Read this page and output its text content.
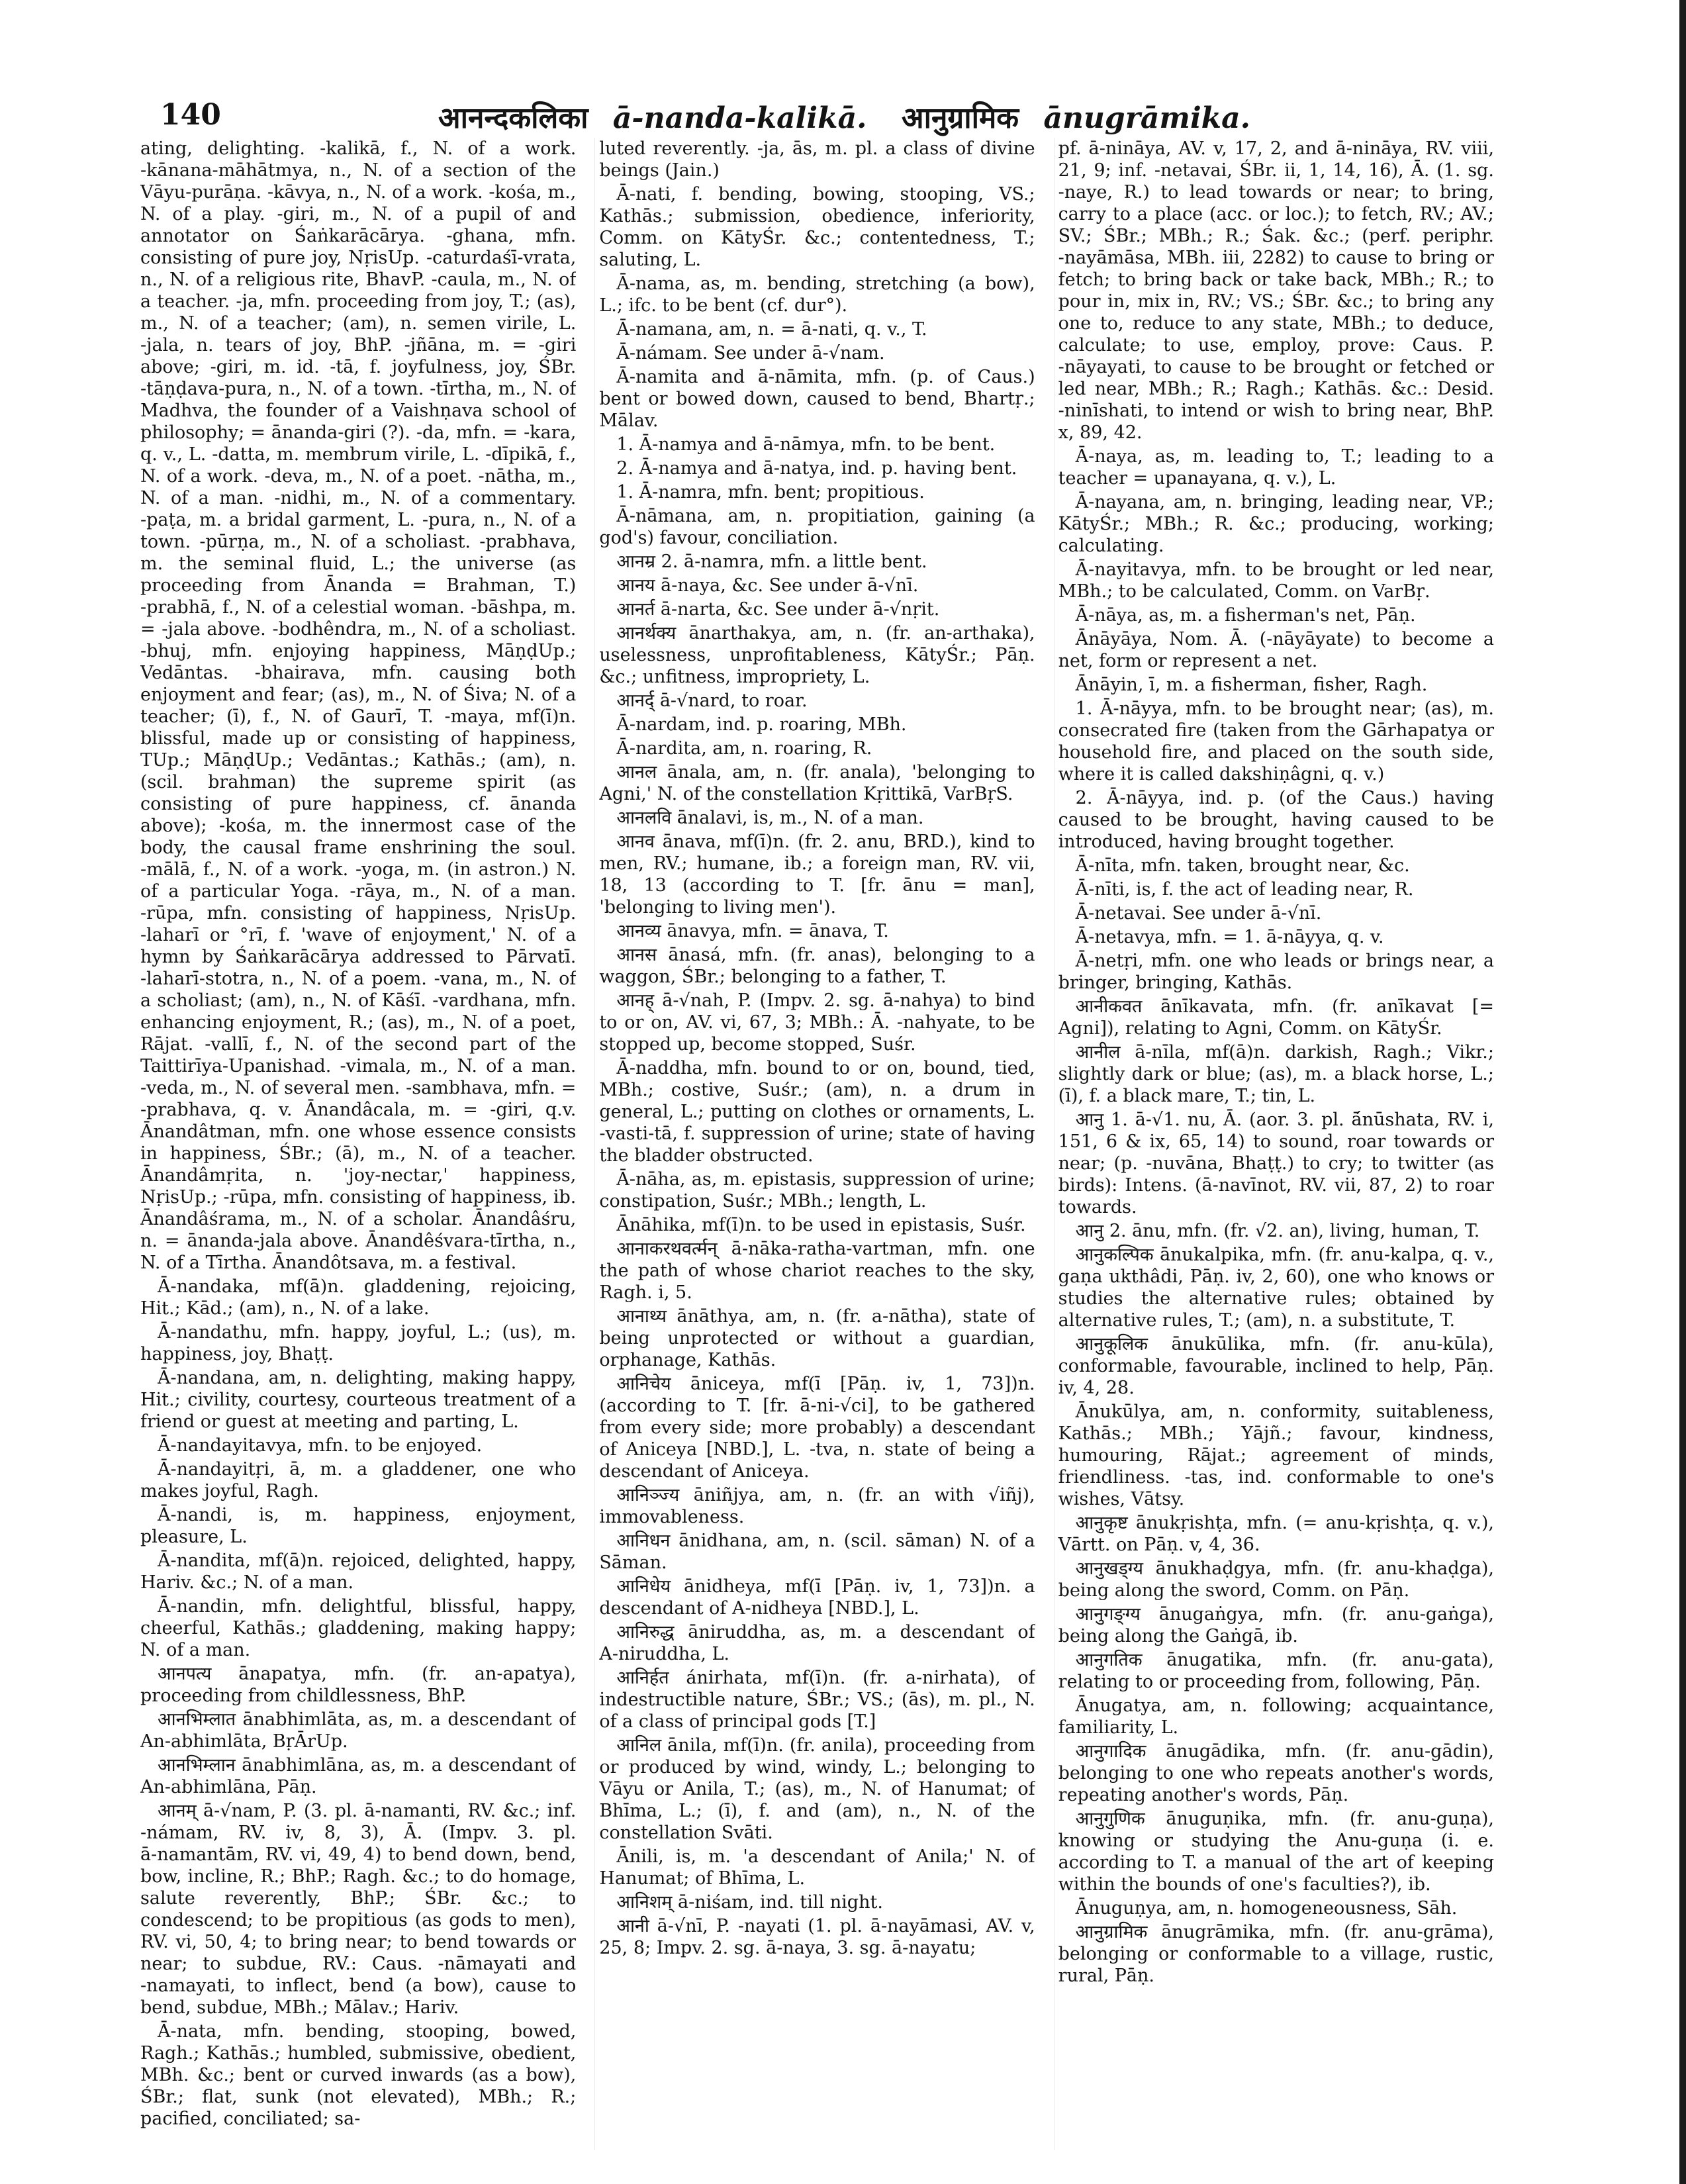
140	आनन्दकलिका ā-nanda-kalikā. आनुग्रामिक ānugrāmika.

ating, delighting. ‑kalikā, f., N. of a work. ‑kānana‑māhātmya, n., N. of a section of the Vāyu‑purāṇa. ‑kāvya, n., N. of a work. ‑kośa, m., N. of a play. ‑giri, m., N. of a pupil of and annotator on Śaṅkarācārya. ‑ghana, mfn. consisting of pure joy, NṛisUp. ‑caturdaśī‑vrata, n., N. of a religious rite, BhavP. ‑caula, m., N. of a teacher. ‑ja, mfn. proceeding from joy, T.; (as), m., N. of a teacher; (am), n. semen virile, L. ‑jala, n. tears of joy, BhP. ‑jñāna, m. = ‑giri above; ‑giri, m. id. ‑tā, f. joyfulness, joy, ŚBr. ‑tāṇḍava‑pura, n., N. of a town. ‑tīrtha, m., N. of Madhva, the founder of a Vaishṇava school of philosophy; = ānanda‑giri (?). ‑da, mfn. = ‑kara, q. v., L. ‑datta, m. membrum virile, L. ‑dīpikā, f., N. of a work. ‑deva, m., N. of a poet. ‑nātha, m., N. of a man. ‑nidhi, m., N. of a commentary. ‑paṭa, m. a bridal garment, L. ‑pura, n., N. of a town. ‑pūrṇa, m., N. of a scholiast. ‑prabhava, m. the seminal fluid, L.; the universe (as proceeding from Ānanda = Brahman, T.) ‑prabhā, f., N. of a celestial woman. ‑bāshpa, m. = ‑jala above. ‑bodhêndra, m., N. of a scholiast. ‑bhuj, mfn. enjoying happiness, MāṇḍUp.; Vedāntas. ‑bhairava, mfn. causing both enjoyment and fear; (as), m., N. of Śiva; N. of a teacher; (ī), f., N. of Gaurī, T. ‑maya, mf(ī)n. blissful, made up or consisting of happiness, TUp.; MāṇḍUp.; Vedāntas.; Kathās.; (am), n. (scil. brahman) the supreme spirit (as consisting of pure happiness, cf. ānanda above); ‑kośa, m. the innermost case of the body, the causal frame enshrining the soul. ‑mālā, f., N. of a work. ‑yoga, m. (in astron.) N. of a particular Yoga. ‑rāya, m., N. of a man. ‑rūpa, mfn. consisting of happiness, NṛisUp. ‑laharī or °rī, f. 'wave of enjoyment,' N. of a hymn by Śaṅkarācārya addressed to Pārvatī. ‑laharī‑stotra, n., N. of a poem. ‑vana, m., N. of a scholiast; (am), n., N. of Kāśī. ‑vardhana, mfn. enhancing enjoyment, R.; (as), m., N. of a poet, Rājat. ‑vallī, f., N. of the second part of the Taittirīya‑Upanishad. ‑vimala, m., N. of a man. ‑veda, m., N. of several men. ‑sambhava, mfn. = ‑prabhava, q. v. Ānandâcala, m. = ‑giri, q.v. Ānandâtman, mfn. one whose essence consists in happiness, ŚBr.; (ā), m., N. of a teacher. Ānandâmṛita, n. 'joy‑nectar,' happiness, NṛisUp.; ‑rūpa, mfn. consisting of happiness, ib. Ānandâśrama, m., N. of a scholar. Ānandâśru, n. = ānanda‑jala above. Ānandêśvara‑tīrtha, n., N. of a Tīrtha. Ānandôtsava, m. a festival.

Ā‑nandaka, mf(ā)n. gladdening, rejoicing, Hit.; Kād.; (am), n., N. of a lake.

Ā‑nandathu, mfn. happy, joyful, L.; (us), m. happiness, joy, Bhaṭṭ.

Ā‑nandana, am, n. delighting, making happy, Hit.; civility, courtesy, courteous treatment of a friend or guest at meeting and parting, L.

Ā‑nandayitavya, mfn. to be enjoyed.

Ā‑nandayitṛi, ā, m. a gladdener, one who makes joyful, Ragh.

Ā‑nandi, is, m. happiness, enjoyment, pleasure, L.

Ā‑nandita, mf(ā)n. rejoiced, delighted, happy, Hariv. &c.; N. of a man.

Ā‑nandin, mfn. delightful, blissful, happy, cheerful, Kathās.; gladdening, making happy; N. of a man.

आनपत्य ānapatya, mfn. (fr. an‑apatya), proceeding from childlessness, BhP.

आनभिम्लात ānabhimlāta, as, m. a descendant of An‑abhimlāta, BṛĀrUp.

आनभिम्लान ānabhimlāna, as, m. a descendant of An‑abhimlāna, Pāṇ.

आनम् ā‑√nam, P. (3. pl. ā‑namanti, RV. &c.; inf. ‑námam, RV. iv, 8, 3), Ā. (Impv. 3. pl. ā‑namantām, RV. vi, 49, 4) to bend down, bend, bow, incline, R.; BhP.; Ragh. &c.; to do homage, salute reverently, BhP.; ŚBr. &c.; to condescend; to be propitious (as gods to men), RV. vi, 50, 4; to bring near; to bend towards or near; to subdue, RV.: Caus. ‑nāmayati and ‑namayati, to inflect, bend (a bow), cause to bend, subdue, MBh.; Mālav.; Hariv.

Ā‑nata, mfn. bending, stooping, bowed, Ragh.; Kathās.; humbled, submissive, obedient, MBh. &c.; bent or curved inwards (as a bow), ŚBr.; flat, sunk (not elevated), MBh.; R.; pacified, conciliated; sa‑

luted reverently. ‑ja, ās, m. pl. a class of divine beings (Jain.)

Ā‑nati, f. bending, bowing, stooping, VS.; Kathās.; submission, obedience, inferiority, Comm. on KātyŚr. &c.; contentedness, T.; saluting, L.

Ā‑nama, as, m. bending, stretching (a bow), L.; ifc. to be bent (cf. dur°).

Ā‑namana, am, n. = ā‑nati, q. v., T.

Ā‑námam. See under ā‑√nam.

Ā‑namita and ā‑nāmita, mfn. (p. of Caus.) bent or bowed down, caused to bend, Bhartṛ.; Mālav.

1. Ā‑namya and ā‑nāmya, mfn. to be bent.

2. Ā‑namya and ā‑natya, ind. p. having bent.

1. Ā‑namra, mfn. bent; propitious.

Ā‑nāmana, am, n. propitiation, gaining (a god's) favour, conciliation.

आनम्र 2. ā‑namra, mfn. a little bent.

आनय ā‑naya, &c. See under ā‑√nī.

आनर्त ā‑narta, &c. See under ā‑√nṛit.

आनर्थक्य ānarthakya, am, n. (fr. an‑arthaka), uselessness, unprofitableness, KātyŚr.; Pāṇ. &c.; unfitness, impropriety, L.

आनर्द् ā‑√nard, to roar.

Ā‑nardam, ind. p. roaring, MBh.

Ā‑nardita, am, n. roaring, R.

आनल ānala, am, n. (fr. anala), 'belonging to Agni,' N. of the constellation Kṛittikā, VarBṛS.

आनलवि ānalavi, is, m., N. of a man.

आनव ānava, mf(ī)n. (fr. 2. anu, BRD.), kind to men, RV.; humane, ib.; a foreign man, RV. vii, 18, 13 (according to T. [fr. ānu = man], 'belonging to living men').

आनव्य ānavya, mfn. = ānava, T.

आनस ānasá, mfn. (fr. anas), belonging to a waggon, ŚBr.; belonging to a father, T.

आनह् ā‑√nah, P. (Impv. 2. sg. ā‑nahya) to bind to or on, AV. vi, 67, 3; MBh.: Ā. ‑nahyate, to be stopped up, become stopped, Suśr.

Ā‑naddha, mfn. bound to or on, bound, tied, MBh.; costive, Suśr.; (am), n. a drum in general, L.; putting on clothes or ornaments, L. ‑vasti‑tā, f. suppression of urine; state of having the bladder obstructed.

Ā‑nāha, as, m. epistasis, suppression of urine; constipation, Suśr.; MBh.; length, L.

Ānāhika, mf(ī)n. to be used in epistasis, Suśr.

आनाकरथवर्त्मन् ā‑nāka‑ratha‑vartman, mfn. one the path of whose chariot reaches to the sky, Ragh. i, 5.

आनाथ्य ānāthya, am, n. (fr. a‑nātha), state of being unprotected or without a guardian, orphanage, Kathās.

आनिचेय āniceya, mf(ī [Pāṇ. iv, 1, 73])n. (according to T. [fr. ā‑ni‑√ci], to be gathered from every side; more probably) a descendant of Aniceya [NBD.], L. ‑tva, n. state of being a descendant of Aniceya.

आनिञ्ज्य āniñjya, am, n. (fr. an with √iñj), immovableness.

आनिधन ānidhana, am, n. (scil. sāman) N. of a Sāman.

आनिधेय ānidheya, mf(ī [Pāṇ. iv, 1, 73])n. a descendant of A‑nidheya [NBD.], L.

आनिरुद्ध āniruddha, as, m. a descendant of A‑niruddha, L.

आनिर्हत ánirhata, mf(ī)n. (fr. a‑nirhata), of indestructible nature, ŚBr.; VS.; (ās), m. pl., N. of a class of principal gods [T.]

आनिल ānila, mf(ī)n. (fr. anila), proceeding from or produced by wind, windy, L.; belonging to Vāyu or Anila, T.; (as), m., N. of Hanumat; of Bhīma, L.; (ī), f. and (am), n., N. of the constellation Svāti.

Ānili, is, m. 'a descendant of Anila;' N. of Hanumat; of Bhīma, L.

आनिशम् ā‑niśam, ind. till night.

आनी ā‑√nī, P. ‑nayati (1. pl. ā‑nayāmasi, AV. v, 25, 8; Impv. 2. sg. ā‑naya, 3. sg. ā‑nayatu;

pf. ā‑nināya, AV. v, 17, 2, and ā‑nināya, RV. viii, 21, 9; inf. ‑netavai, ŚBr. ii, 1, 14, 16), Ā. (1. sg. ‑naye, R.) to lead towards or near; to bring, carry to a place (acc. or loc.); to fetch, RV.; AV.; SV.; ŚBr.; MBh.; R.; Śak. &c.; (perf. periphr. ‑nayāmāsa, MBh. iii, 2282) to cause to bring or fetch; to bring back or take back, MBh.; R.; to pour in, mix in, RV.; VS.; ŚBr. &c.; to bring any one to, reduce to any state, MBh.; to deduce, calculate; to use, employ, prove: Caus. P. ‑nāyayati, to cause to be brought or fetched or led near, MBh.; R.; Ragh.; Kathās. &c.: Desid. ‑ninīshati, to intend or wish to bring near, BhP. x, 89, 42.

Ā‑naya, as, m. leading to, T.; leading to a teacher = upanayana, q. v.), L.

Ā‑nayana, am, n. bringing, leading near, VP.; KātyŚr.; MBh.; R. &c.; producing, working; calculating.

Ā‑nayitavya, mfn. to be brought or led near, MBh.; to be calculated, Comm. on VarBṛ.

Ā‑nāya, as, m. a fisherman's net, Pāṇ.

Ānāyāya, Nom. Ā. (‑nāyāyate) to become a net, form or represent a net.

Ānāyin, ī, m. a fisherman, fisher, Ragh.

1. Ā‑nāyya, mfn. to be brought near; (as), m. consecrated fire (taken from the Gārhapatya or household fire, and placed on the south side, where it is called dakshiṇâgni, q. v.)

2. Ā‑nāyya, ind. p. (of the Caus.) having caused to be brought, having caused to be introduced, having brought together.

Ā‑nīta, mfn. taken, brought near, &c.

Ā‑nīti, is, f. the act of leading near, R.

Ā‑netavai. See under ā‑√nī.

Ā‑netavya, mfn. = 1. ā‑nāyya, q. v.

Ā‑netṛi, mfn. one who leads or brings near, a bringer, bringing, Kathās.

आनीकवत ānīkavata, mfn. (fr. anīkavat [= Agni]), relating to Agni, Comm. on KātyŚr.

आनील ā‑nīla, mf(ā)n. darkish, Ragh.; Vikr.; slightly dark or blue; (as), m. a black horse, L.; (ī), f. a black mare, T.; tin, L.

आनु 1. ā‑√1. nu, Ā. (aor. 3. pl. ā́nūshata, RV. i, 151, 6 & ix, 65, 14) to sound, roar towards or near; (p. ‑nuvāna, Bhaṭṭ.) to cry; to twitter (as birds): Intens. (ā‑navīnot, RV. vii, 87, 2) to roar towards.

आनु 2. ānu, mfn. (fr. √2. an), living, human, T.

आनुकल्पिक ānukalpika, mfn. (fr. anu‑kalpa, q. v., gaṇa ukthâdi, Pāṇ. iv, 2, 60), one who knows or studies the alternative rules; obtained by alternative rules, T.; (am), n. a substitute, T.

आनुकूलिक ānukūlika, mfn. (fr. anu‑kūla), conformable, favourable, inclined to help, Pāṇ. iv, 4, 28.

Ānukūlya, am, n. conformity, suitableness, Kathās.; MBh.; Yājñ.; favour, kindness, humouring, Rājat.; agreement of minds, friendliness. ‑tas, ind. conformable to one's wishes, Vātsy.

आनुकृष्ट ānukṛishṭa, mfn. (= anu‑kṛishṭa, q. v.), Vārtt. on Pāṇ. v, 4, 36.

आनुखड्ग्य ānukhaḍgya, mfn. (fr. anu‑khaḍga), being along the sword, Comm. on Pāṇ.

आनुगङ्ग्य ānugaṅgya, mfn. (fr. anu‑gaṅga), being along the Gaṅgā, ib.

आनुगतिक ānugatika, mfn. (fr. anu‑gata), relating to or proceeding from, following, Pāṇ.

Ānugatya, am, n. following; acquaintance, familiarity, L.

आनुगादिक ānugādika, mfn. (fr. anu‑gādin), belonging to one who repeats another's words, repeating another's words, Pāṇ.

आनुगुणिक ānuguṇika, mfn. (fr. anu‑guṇa), knowing or studying the Anu‑guṇa (i. e. according to T. a manual of the art of keeping within the bounds of one's faculties?), ib.

Ānuguṇya, am, n. homogeneousness, Sāh.

आनुग्रामिक ānugrāmika, mfn. (fr. anu‑grāma), belonging or conformable to a village, rustic, rural, Pāṇ.
